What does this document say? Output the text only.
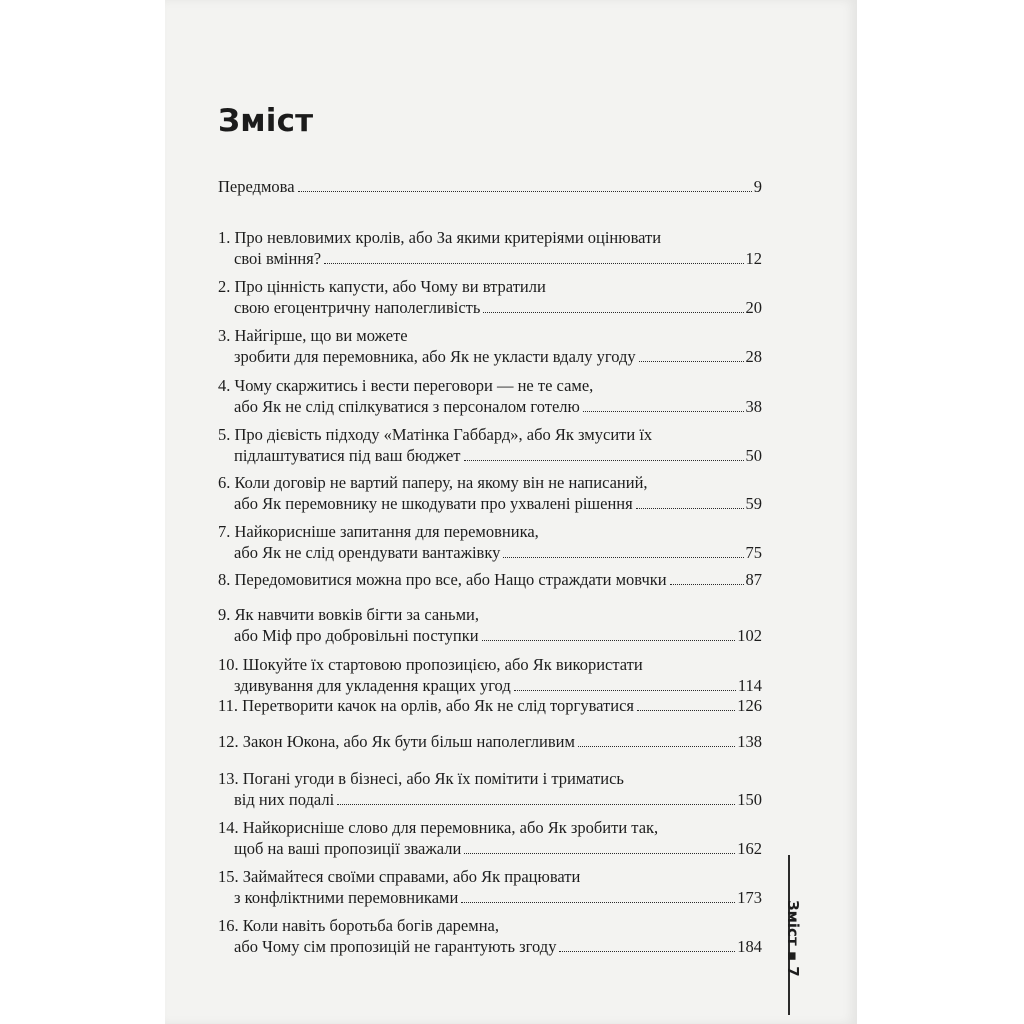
Зміст
Передмова	9
1. Про невловимих кролів, або За якими критеріями оцінювати
своі вміння?	12
2. Про цінність капусти, або Чому ви втратили
свою егоцентричну наполегливість	20
3. Найгірше, що ви можете
зробити для перемовника, або Як не укласти вдалу угоду	28
4. Чому скаржитись і вести переговори — не те саме,
або Як не слід спілкуватися з персоналом готелю	38
5. Про дієвість підходу «Матінка Габбард», або Як змусити їх
підлаштуватися під ваш бюджет	50
6. Коли договір не вартий паперу, на якому він не написаний,
або Як перемовнику не шкодувати про ухвалені рішення	59
7. Найкорисніше запитання для перемовника,
або Як не слід орендувати вантажівку	75
8. Передомовитися можна про все, або Нащо страждати мовчки	87
9. Як навчити вовків бігти за саньми,
або Міф про добровільні поступки	102
10. Шокуйте їх стартовою пропозицією, або Як використати
здивування для укладення кращих угод	114
11. Перетворити качок на орлів, або Як не слід торгуватися	126
12. Закон Юкона, або Як бути більш наполегливим	138
13. Погані угоди в бізнесі, або Як їх помітити і триматись
від них подалі	150
14. Найкорисніше слово для перемовника, або Як зробити так,
щоб на ваші пропозиції зважали	162
15. Займайтеся своїми справами, або Як працювати
з конфліктними перемовниками	173
16. Коли навіть боротьба богів даремна,
або Чому сім пропозицій не гарантують згоду	184
Зміст ▪ 7
